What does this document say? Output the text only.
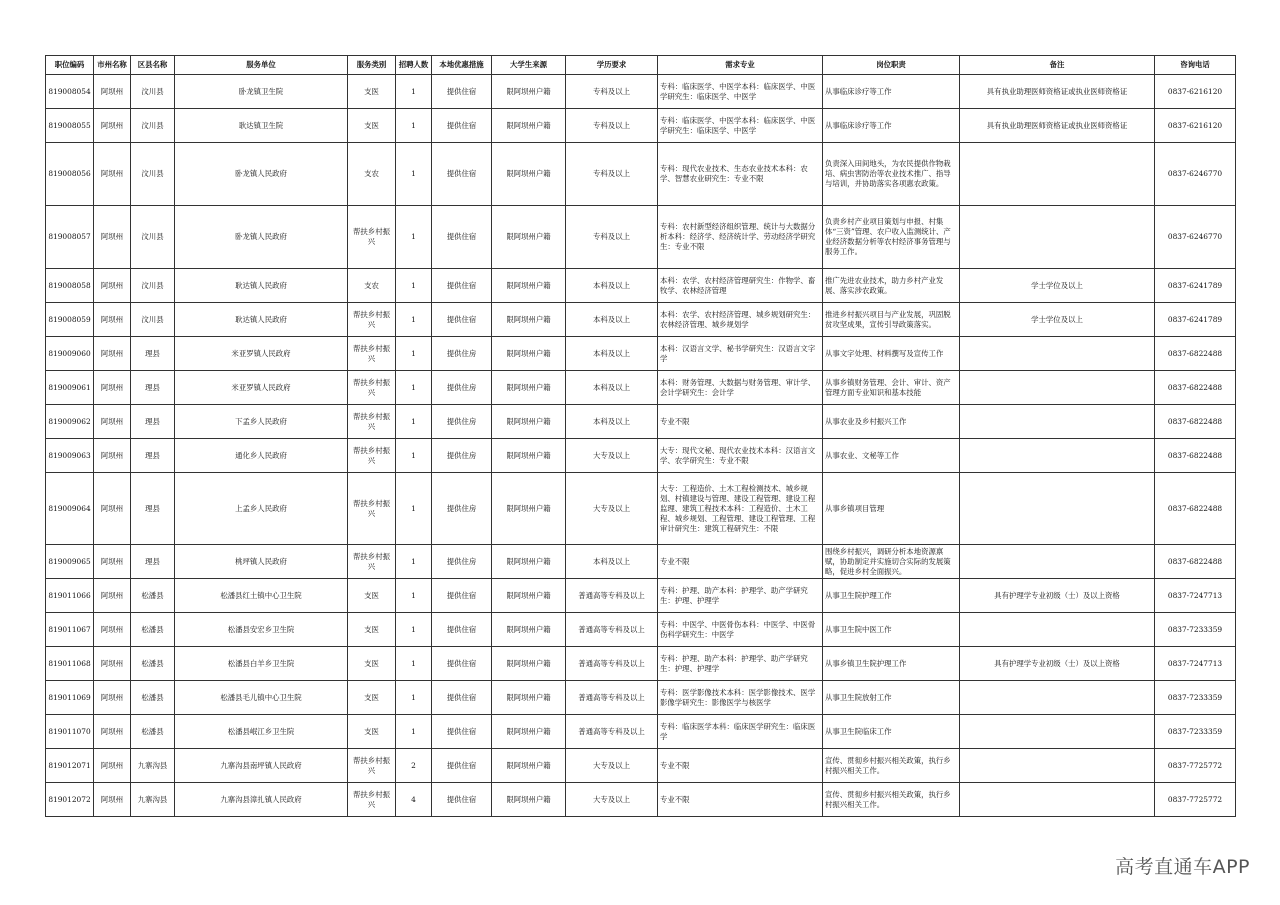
职位编码	市州名称	区县名称	服务单位	服务类别	招聘人数	本地优惠措施	大学生来源	学历要求	需求专业	岗位职责	备注	咨询电话
819008054	阿坝州	汶川县	卧龙镇卫生院	支医	1	提供住宿	限阿坝州户籍	专科及以上	专科：临床医学、中医学本科：临床医学、中医学研究生：临床医学、中医学	从事临床诊疗等工作	具有执业助理医师资格证或执业医师资格证	0837-6216120
819008055	阿坝州	汶川县	耿达镇卫生院	支医	1	提供住宿	限阿坝州户籍	专科及以上	专科：临床医学、中医学本科：临床医学、中医学研究生：临床医学、中医学	从事临床诊疗等工作	具有执业助理医师资格证或执业医师资格证	0837-6216120
819008056	阿坝州	汶川县	卧龙镇人民政府	支农	1	提供住宿	限阿坝州户籍	专科及以上	专科：现代农业技术、生态农业技术本科：农学、智慧农业研究生：专业不限	负责深入田间地头，为农民提供作物栽培、病虫害防治等农业技术推广、指导与培训，并协助落实各项惠农政策。		0837-6246770
819008057	阿坝州	汶川县	卧龙镇人民政府	帮扶乡村振兴	1	提供住宿	限阿坝州户籍	专科及以上	专科：农村新型经济组织管理、统计与大数据分析本科：经济学、经济统计学、劳动经济学研究生：专业不限	负责乡村产业项目策划与申报、村集体“三资”管理、农户收入监测统计、产业经济数据分析等农村经济事务管理与服务工作。		0837-6246770
819008058	阿坝州	汶川县	耿达镇人民政府	支农	1	提供住宿	限阿坝州户籍	本科及以上	本科：农学、农村经济管理研究生：作物学、畜牧学、农林经济管理	推广先进农业技术，助力乡村产业发展、落实涉农政策。	学士学位及以上	0837-6241789
819008059	阿坝州	汶川县	耿达镇人民政府	帮扶乡村振兴	1	提供住宿	限阿坝州户籍	本科及以上	本科：农学、农村经济管理、城乡规划研究生：农林经济管理、城乡规划学	推进乡村振兴项目与产业发展，巩固脱贫攻坚成果，宣传引导政策落实。	学士学位及以上	0837-6241789
819009060	阿坝州	理县	米亚罗镇人民政府	帮扶乡村振兴	1	提供住房	限阿坝州户籍	本科及以上	本科：汉语言文学、秘书学研究生：汉语言文字学	从事文字处理、材料撰写及宣传工作		0837-6822488
819009061	阿坝州	理县	米亚罗镇人民政府	帮扶乡村振兴	1	提供住房	限阿坝州户籍	本科及以上	本科：财务管理、大数据与财务管理、审计学、会计学研究生：会计学	从事乡镇财务管理、会计、审计、资产管理方面专业知识和基本技能		0837-6822488
819009062	阿坝州	理县	下孟乡人民政府	帮扶乡村振兴	1	提供住房	限阿坝州户籍	本科及以上	专业不限	从事农业及乡村振兴工作		0837-6822488
819009063	阿坝州	理县	通化乡人民政府	帮扶乡村振兴	1	提供住房	限阿坝州户籍	大专及以上	大专：现代文秘、现代农业技术本科：汉语言文学、农学研究生：专业不限	从事农业、文秘等工作		0837-6822488
819009064	阿坝州	理县	上孟乡人民政府	帮扶乡村振兴	1	提供住房	限阿坝州户籍	大专及以上	大专：工程造价、土木工程检测技术、城乡规划、村镇建设与管理、建设工程管理、建设工程监理、建筑工程技术本科：工程造价、土木工程、城乡规划、工程管理、建设工程管理、工程审计研究生：建筑工程研究生：不限	从事乡镇项目管理		0837-6822488
819009065	阿坝州	理县	桃坪镇人民政府	帮扶乡村振兴	1	提供住房	限阿坝州户籍	本科及以上	专业不限	围绕乡村振兴，调研分析本地资源禀赋，协助制定并实施切合实际的发展策略，促进乡村全面振兴。		0837-6822488
819011066	阿坝州	松潘县	松潘县红土镇中心卫生院	支医	1	提供住宿	限阿坝州户籍	普通高等专科及以上	专科：护理、助产本科：护理学、助产学研究生：护理、护理学	从事卫生院护理工作	具有护理学专业初级（士）及以上资格	0837-7247713
819011067	阿坝州	松潘县	松潘县安宏乡卫生院	支医	1	提供住宿	限阿坝州户籍	普通高等专科及以上	专科：中医学、中医骨伤本科：中医学、中医骨伤科学研究生：中医学	从事卫生院中医工作		0837-7233359
819011068	阿坝州	松潘县	松潘县白羊乡卫生院	支医	1	提供住宿	限阿坝州户籍	普通高等专科及以上	专科：护理、助产本科：护理学、助产学研究生：护理、护理学	从事乡镇卫生院护理工作	具有护理学专业初级（士）及以上资格	0837-7247713
819011069	阿坝州	松潘县	松潘县毛儿镇中心卫生院	支医	1	提供住宿	限阿坝州户籍	普通高等专科及以上	专科：医学影像技术本科：医学影像技术、医学影像学研究生：影像医学与核医学	从事卫生院放射工作		0837-7233359
819011070	阿坝州	松潘县	松潘县岷江乡卫生院	支医	1	提供住宿	限阿坝州户籍	普通高等专科及以上	专科：临床医学本科：临床医学研究生：临床医学	从事卫生院临床工作		0837-7233359
819012071	阿坝州	九寨沟县	九寨沟县南坪镇人民政府	帮扶乡村振兴	2	提供住宿	限阿坝州户籍	大专及以上	专业不限	宣传、贯彻乡村振兴相关政策，执行乡村振兴相关工作。		0837-7725772
819012072	阿坝州	九寨沟县	九寨沟县漳扎镇人民政府	帮扶乡村振兴	4	提供住宿	限阿坝州户籍	大专及以上	专业不限	宣传、贯彻乡村振兴相关政策，执行乡村振兴相关工作。		0837-7725772
高考直通车APP
